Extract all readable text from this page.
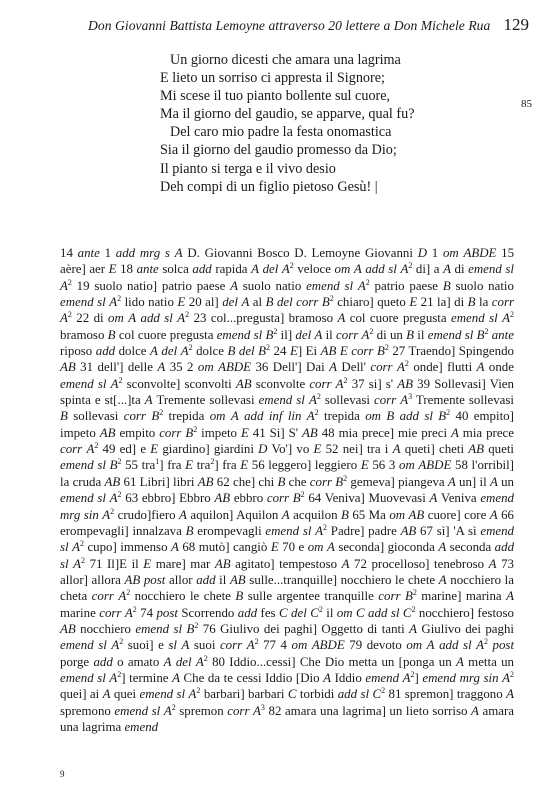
Don Giovanni Battista Lemoyne attraverso 20 lettere a Don Michele Rua 129
Un giorno dicesti che amara una lagrima
E lieto un sorriso ci appresta il Signore;
Mi scese il tuo pianto bollente sul cuore,
Ma il giorno del gaudio, se apparve, qual fu?
Del caro mio padre la festa onomastica
Sia il giorno del gaudio promesso da Dio;
Il pianto si terga e il vivo desio
Deh compi di un figlio pietoso Gesù! |
85

14 ante 1 add mrg s A D. Giovanni Bosco D. Lemoyne Giovanni D 1 om ABDE 15 aère] aer E 18 ante solca add rapida A del $A^2$ veloce om A add sl $A^2$ di] a A di emend sl $A^2$ 19 suolo natio] patrio paese A suolo natio emend sl $A^2$ patrio paese B suolo natio emend sl $A^2$ lido natio E 20 al] del A al B del corr $B^2$ chiaro] queto E 21 la] di B la corr $A^2$ 22 di om A add sl $A^2$ 23 col...pregusta] bramoso A col cuore pregusta emend sl $A^2$ bramoso B col cuore pregusta emend sl $B^2$ il] del A il corr $A^2$ di un B il emend sl $B^2$ ante riposo add dolce A del $A^2$ dolce B del $B^2$ 24 E] Ei AB E corr $B^2$ 27 Traendo] Spingendo AB 31 dell'] delle A 35 2 om ABDE 36 Dell'] Dai A Dell' corr $A^2$ onde] flutti A onde emend sl $A^2$ sconvolte] sconvolti AB sconvolte corr $A^2$ 37 si] s' AB 39 Sollevasi] Vien spinta e st[...]ta A Tremente sollevasi emend sl $A^2$ sollevasi corr $A^3$ Tremente sollevasi B sollevasi corr $B^2$ trepida om A add inf lin $A^2$ trepida om B add sl $B^2$ 40 empito] impeto AB empito corr $B^2$ impeto E 41 Si] S' AB 48 mia prece] mie preci A mia prece corr $A^2$ 49 ed] e E giardino] giardini D Vo'] vo E 52 nei] tra i A queti] cheti AB queti emend sl $B^2$ 55 tra$^1$] fra E tra$^2$] fra E 56 leggero] leggiero E 56 3 om ABDE 58 l'orribil] la cruda AB 61 Libri] libri AB 62 che] chi B che corr $B^2$ gemeva] piangeva A un] il A un emend sl $A^2$ 63 ebbro] Ebbro AB ebbro corr $B^2$ 64 Veniva] Muovevasi A Veniva emend mrg $\sin A^2$ crudo]fiero A aquilon] Aquilon A acquilon B 65 Ma om AB cuore] core A 66 erompevagli] innalzava B erompevagli emend sl $A^2$ Padre] padre AB 67 sì] 'A sì emend sl $A^2$ cupo] immenso A 68 mutò] cangiò E 70 e om A seconda] gioconda A seconda add sl $A^2$ 71 Il]E il E mare] mar AB agitato] tempestoso A 72 procelloso] tenebroso A 73 allor] allora AB post allor add il AB sulle...tranquille] nocchiero le chete A nocchiero la cheta corr $A^2$ nocchiero le chete B sulle argentee tranquille corr $B^2$ marine] marina A marine corr $A^2$ 74 post Scorrendo add fes C del $C^2$ il om C add sl $C^2$ nocchiero] festoso AB nocchiero emend sl $B^2$ 76 Giulivo dei paghi] Oggetto di tanti A Giulivo dei paghi emend sl $A^2$ suoi] e sl A suoi corr $A^2$ 77 4 om ABDE 79 devoto om A add sl $A^2$ post porge add o amato A del $A^2$ 80 Iddio...cessi] Che Dio metta un [ponga un A metta un emend sl $A^2$] termine A Che da te cessi Iddio [Dio A Iddio emend $A^2$] emend mrg $\sin A^2$ quei] ai A quei emend sl $A^2$ barbari] barbari C torbidi add sl $C^2$ 81 spremon] traggono A spremono emend sl $A^2$ spremon corr $A^3$ 82 amara una lagrima] un lieto sorriso A amara una lagrima emend

9
